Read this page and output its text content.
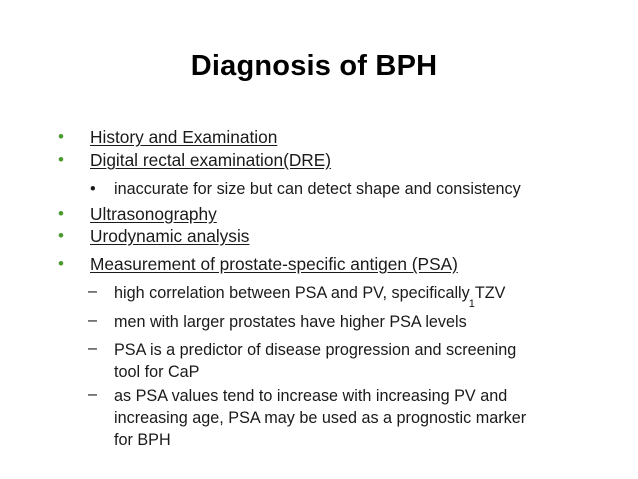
Diagnosis of BPH
• History and Examination
• Digital rectal examination(DRE)
• inaccurate for size but can detect shape and consistency
• Ultrasonography
• Urodynamic analysis
• Measurement of prostate-specific antigen (PSA)
– high correlation between PSA and PV, specifically$_1$TZV
– men with larger prostates have higher PSA levels
– PSA is a predictor of disease progression and screening
tool for CaP
– as PSA values tend to increase with increasing PV and
increasing age, PSA may be used as a prognostic marker
for BPH
